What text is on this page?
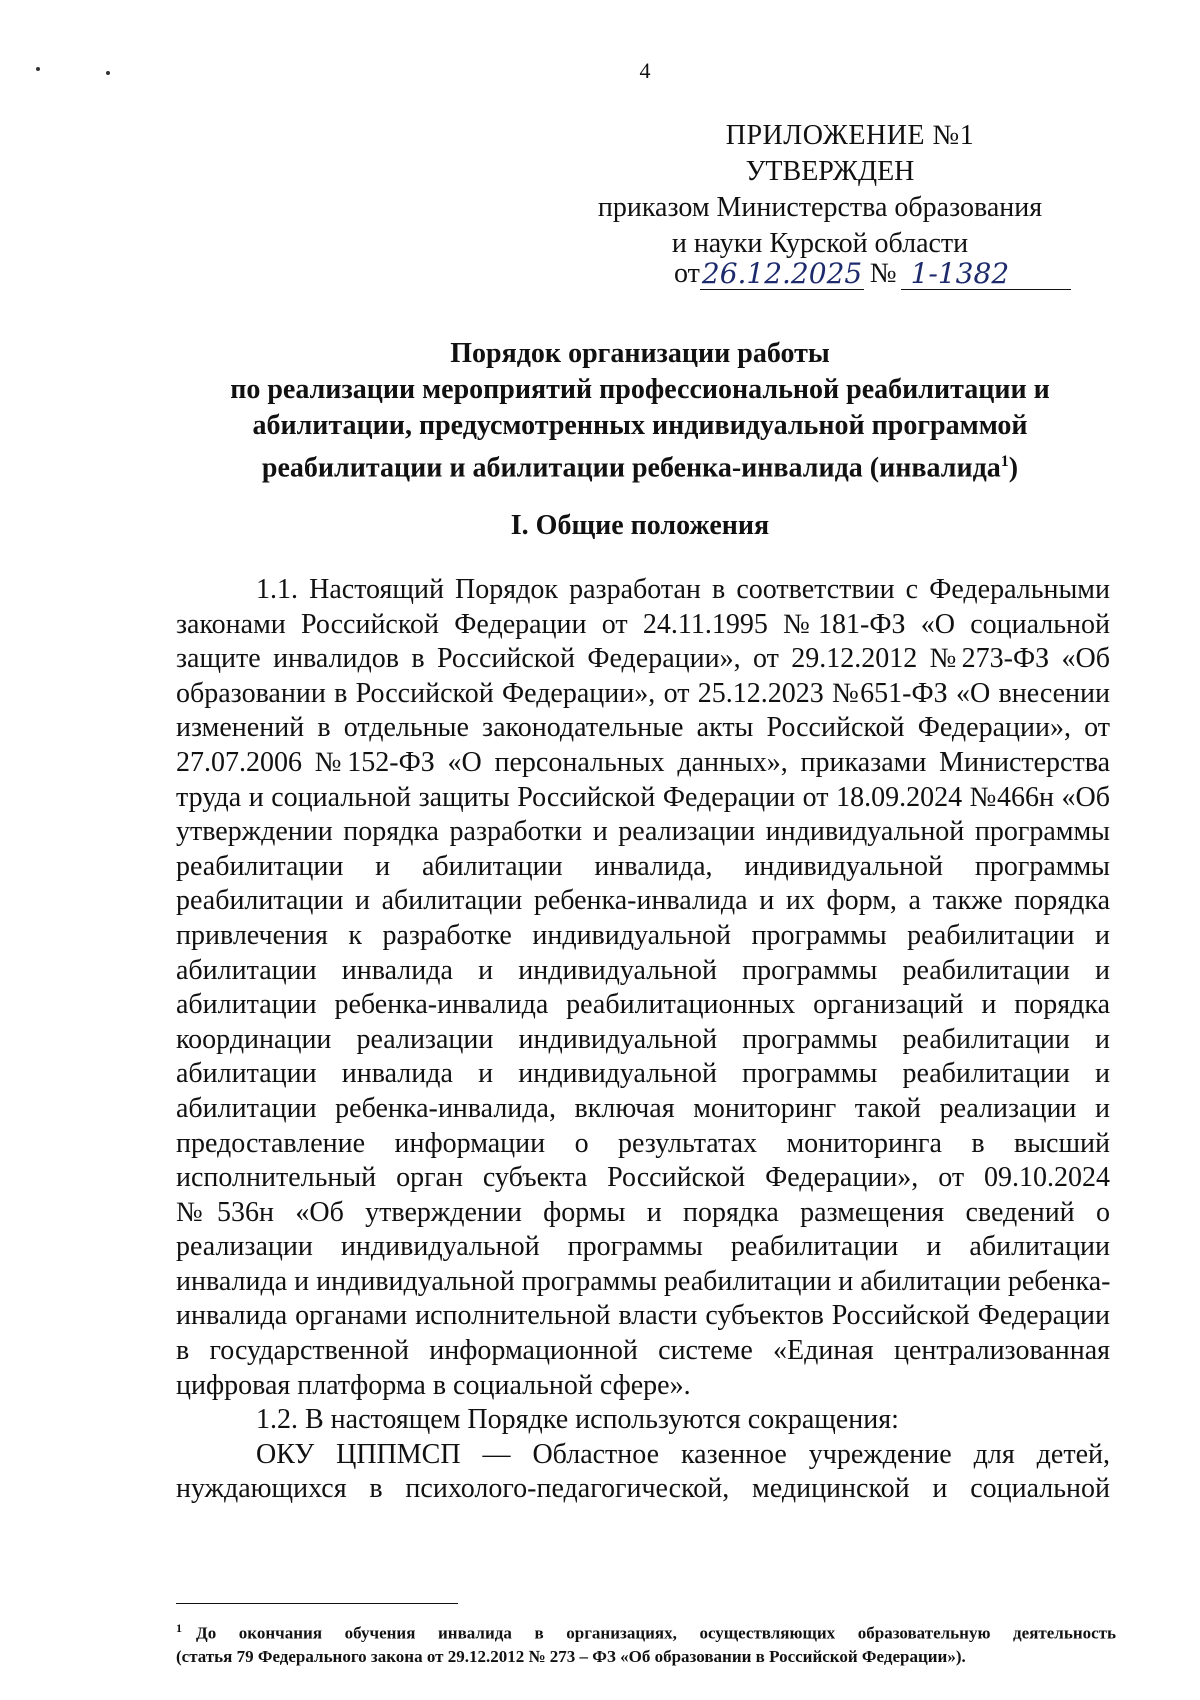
4
ПРИЛОЖЕНИЕ №1
УТВЕРЖДЕН
приказом Министерства образования
и науки Курской области
от 26.12.2025 № 1-1382
Порядок организации работы
по реализации мероприятий профессиональной реабилитации и
абилитации, предусмотренных индивидуальной программой
реабилитации и абилитации ребенка-инвалида (инвалида$^1$)
I. Общие положения
1.1. Настоящий Порядок разработан в соответствии с Федеральными
законами Российской Федерации от 24.11.1995 №181-ФЗ «О социальной
защите инвалидов в Российской Федерации», от 29.12.2012 №273-ФЗ «Об
образовании в Российской Федерации», от 25.12.2023 №651-ФЗ «О внесении
изменений в отдельные законодательные акты Российской Федерации», от
27.07.2006 №152-ФЗ «О персональных данных», приказами Министерства
труда и социальной защиты Российской Федерации от 18.09.2024 №466н «Об
утверждении порядка разработки и реализации индивидуальной программы
реабилитации и абилитации инвалида, индивидуальной программы
реабилитации и абилитации ребенка-инвалида и их форм, а также порядка
привлечения к разработке индивидуальной программы реабилитации и
абилитации инвалида и индивидуальной программы реабилитации и
абилитации ребенка-инвалида реабилитационных организаций и порядка
координации реализации индивидуальной программы реабилитации и
абилитации инвалида и индивидуальной программы реабилитации и
абилитации ребенка-инвалида, включая мониторинг такой реализации и
предоставление информации о результатах мониторинга в высший
исполнительный орган субъекта Российской Федерации», от 09.10.2024
№536н «Об утверждении формы и порядка размещения сведений о
реализации индивидуальной программы реабилитации и абилитации
инвалида и индивидуальной программы реабилитации и абилитации ребенка-
инвалида органами исполнительной власти субъектов Российской Федерации
в государственной информационной системе «Единая централизованная
цифровая платформа в социальной сфере».
1.2. В настоящем Порядке используются сокращения:
ОКУ ЦППМСП — Областное казенное учреждение для детей,
нуждающихся в психолого-педагогической, медицинской и социальной
$^1$ До окончания обучения инвалида в организациях, осуществляющих образовательную деятельность
(статья 79 Федерального закона от 29.12.2012 № 273 – ФЗ «Об образовании в Российской Федерации»).
